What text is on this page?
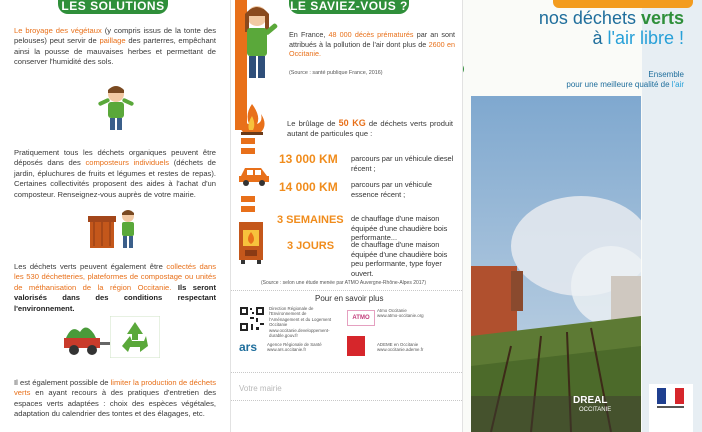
LES SOLUTIONS
Le broyage des végétaux (y compris issus de la tonte des pelouses) peut servir de paillage des parterres, empêchant ainsi la pousse de mauvaises herbes et permettant de conserver l'humidité des sols.
Pratiquement tous les déchets organiques peuvent être déposés dans des composteurs individuels (déchets de jardin, épluchures de fruits et légumes et restes de repas). Certaines collectivités proposent des aides à l'achat d'un composteur. Renseignez-vous auprès de votre mairie.
Les déchets verts peuvent également être collectés dans les 530 déchetteries, plateformes de compostage ou unités de méthanisation de la région Occitanie. Ils seront valorisés dans des conditions respectant l'environnement.
Il est également possible de limiter la production de déchets verts en ayant recours à des pratiques d'entretien des espaces verts adaptées : choix des espèces végétales, adaptation du calendrier des tontes et des élagages, etc.
LE SAVIEZ-VOUS ?
En France, 48 000 décès prématurés par an sont attribués à la pollution de l'air dont plus de 2600 en Occitanie.
(Source : santé publique France, 2016)
Le brûlage de 50 KG de déchets verts produit autant de particules que :
13 000 KM parcours par un véhicule diesel récent ;
14 000 KM parcours par un véhicule essence récent ;
3 SEMAINES de chauffage d'une maison équipée d'une chaudière bois performante...
3 JOURS de chauffage d'une maison équipée d'une chaudière bois peu performante, type foyer ouvert.
(Source : selon une étude menée par ATMO Auvergne-Rhône-Alpes 2017)
Pour en savoir plus
Direction Régionale de l'Environnement de l'Aménagement et du Logement Occitanie
www.occitanie.developpement-durable.gouv.fr
ATMO
Atmo Occitanie
www.atmo-occitanie.org
ars Agence Régionale de Santé
www.ars.occitanie.fr
ADEME en Occitanie
www.occitanie.ademe.fr
Votre mairie
nos déchets verts
à l'air libre !
Ensemble
pour une meilleure qualité de l'air
DREAL
OCCITANIE
